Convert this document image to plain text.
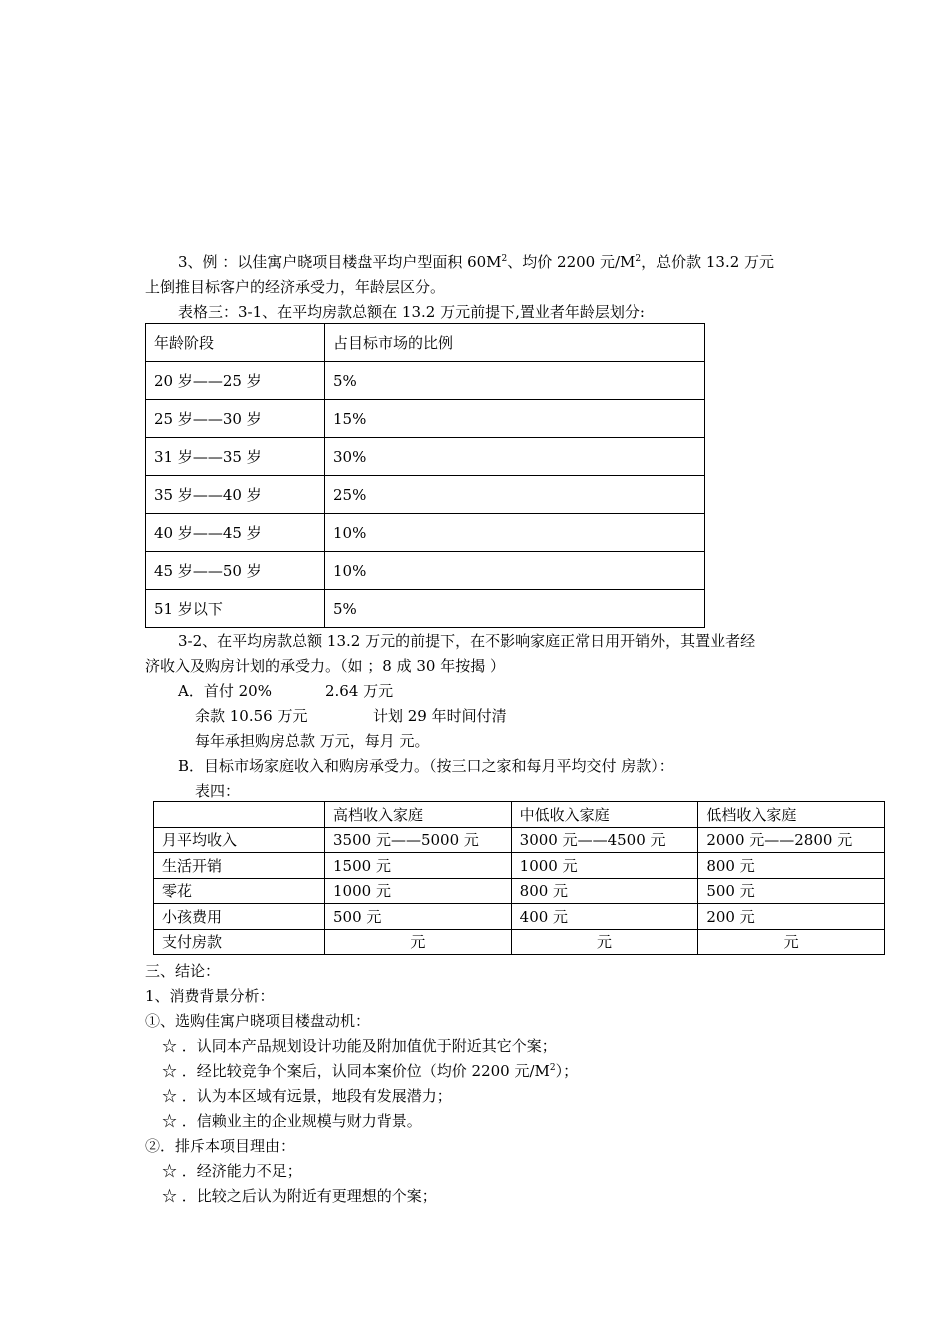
3、例 ：以佳寓户晓项目楼盘平均户型面积 $60M^2$、均价 2200 元$/M^2$，总价款 13.2 万元
上倒推目标客户的经济承受力，年龄层区分。
表格三：3-1、在平均房款总额在 13.2 万元前提下,置业者年龄层划分:
年龄阶段	占目标市场的比例
20 岁——25 岁	5%
25 岁——30 岁	15%
31 岁——35 岁	30%
35 岁——40 岁	25%
40 岁——45 岁	10%
45 岁——50 岁	10%
51 岁以下	5%
3-2、在平均房款总额 13.2 万元的前提下，在不影响家庭正常日用开销外，其置业者经
济收入及购房计划的承受力。（如 ；8 成 30 年按揭 ）
A．首付 20%	2.64 万元
余款 10.56 万元	计划 29 年时间付清
每年承担购房总款 万元，每月 元。
B．目标市场家庭收入和购房承受力。（按三口之家和每月平均交付 房款）：
表四：
	高档收入家庭	中低收入家庭	低档收入家庭
月平均收入	3500 元——5000 元	3000 元——4500 元	2000 元——2800 元
生活开销	1500 元	1000 元	800 元
零花	1000 元	800 元	500 元
小孩费用	500 元	400 元	200 元
支付房款	元	元	元
三、结论：
1、消费背景分析：
①、选购佳寓户晓项目楼盘动机：
☆ ．认同本产品规划设计功能及附加值优于附近其它个案；
☆ ．经比较竞争个案后，认同本案价位（均价 2200 元$/M^2$）；
☆ ．认为本区域有远景，地段有发展潜力；
☆ ．信赖业主的企业规模与财力背景。
②．排斥本项目理由：
☆ ．经济能力不足；
☆ ．比较之后认为附近有更理想的个案；
